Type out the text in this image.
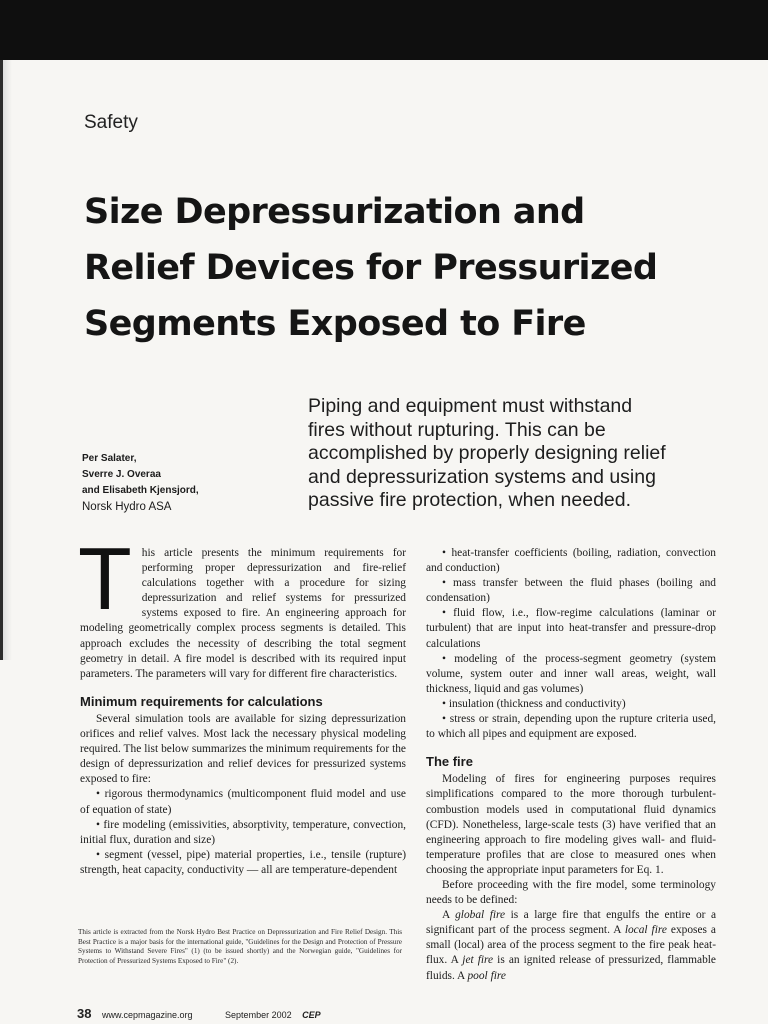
Safety
Size Depressurization and
Relief Devices for Pressurized
Segments Exposed to Fire
Piping and equipment must withstand
fires without rupturing. This can be
accomplished by properly designing relief
and depressurization systems and using
passive fire protection, when needed.
Per Salater,
Sverre J. Overaa
and Elisabeth Kjensjord,
Norsk Hydro ASA

This article presents the minimum requirements for performing proper depressurization and fire-relief calculations together with a procedure for sizing depressurization and relief systems for pressurized systems exposed to fire. An engineering approach for modeling geometrically complex process segments is detailed. This approach excludes the necessity of describing the total segment geometry in detail. A fire model is described with its required input parameters. The parameters will vary for different fire characteristics.

Minimum requirements for calculations

Several simulation tools are available for sizing depressurization orifices and relief valves. Most lack the necessary physical modeling required. The list below summarizes the minimum requirements for the design of depressurization and relief devices for pressurized systems exposed to fire:

• rigorous thermodynamics (multicomponent fluid model and use of equation of state)

• fire modeling (emissivities, absorptivity, temperature, convection, initial flux, duration and size)

• segment (vessel, pipe) material properties, i.e., tensile (rupture) strength, heat capacity, conductivity — all are temperature-dependent

• heat-transfer coefficients (boiling, radiation, convection and conduction)

• mass transfer between the fluid phases (boiling and condensation)

• fluid flow, i.e., flow-regime calculations (laminar or turbulent) that are input into heat-transfer and pressure-drop calculations

• modeling of the process-segment geometry (system volume, system outer and inner wall areas, weight, wall thickness, liquid and gas volumes)

• insulation (thickness and conductivity)

• stress or strain, depending upon the rupture criteria used, to which all pipes and equipment are exposed.

The fire

Modeling of fires for engineering purposes requires simplifications compared to the more thorough turbulent-combustion models used in computational fluid dynamics (CFD). Nonetheless, large-scale tests (3) have verified that an engineering approach to fire modeling gives wall- and fluid-temperature profiles that are close to measured ones when choosing the appropriate input parameters for Eq. 1.

Before proceeding with the fire model, some terminology needs to be defined:

A global fire is a large fire that engulfs the entire or a significant part of the process segment. A local fire exposes a small (local) area of the process segment to the fire peak heat-flux. A jet fire is an ignited release of pressurized, flammable fluids. A pool fire

This article is extracted from the Norsk Hydro Best Practice on Depressurization and Fire Relief Design. This Best Practice is a major basis for the international guide, "Guidelines for the Design and Protection of Pressure Systems to Withstand Severe Fires" (1) (to be issued shortly) and the Norwegian guide, "Guidelines for Protection of Pressurized Systems Exposed to Fire" (2).
38 www.cepmagazine.org	September 2002 CEP
